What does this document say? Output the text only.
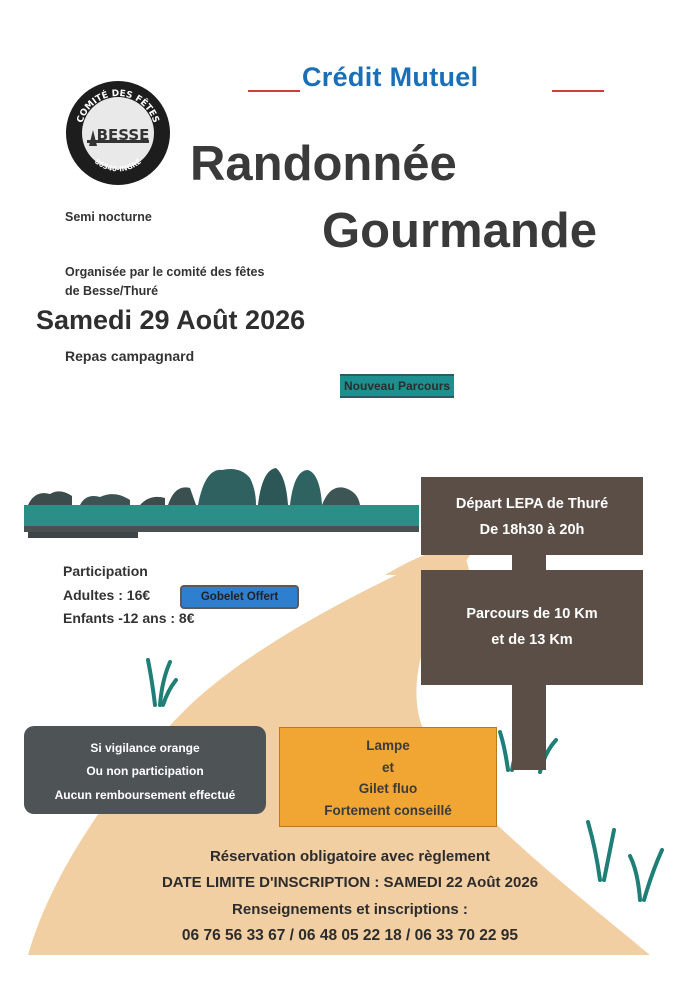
Crédit Mutuel
COMITÉ DES FÊTES
86340-INGRÉ
BESSE
Randonnée
Gourmande
Semi nocturne
Organisée par le comité des fêtes
de Besse/Thuré
Samedi 29 Août 2026
Repas campagnard
Nouveau Parcours
Départ LEPA de Thuré
De 18h30 à 20h
Parcours de 10 Km
et de 13 Km
Participation
Adultes : 16€
Enfants -12 ans : 8€
Gobelet Offert
Si vigilance orange
Ou non participation
Aucun remboursement effectué
Lampe
et
Gilet fluo
Fortement conseillé
Réservation obligatoire avec règlement
DATE LIMITE D'INSCRIPTION : SAMEDI 22 Août 2026
Renseignements et inscriptions :
06 76 56 33 67 / 06 48 05 22 18 / 06 33 70 22 95
